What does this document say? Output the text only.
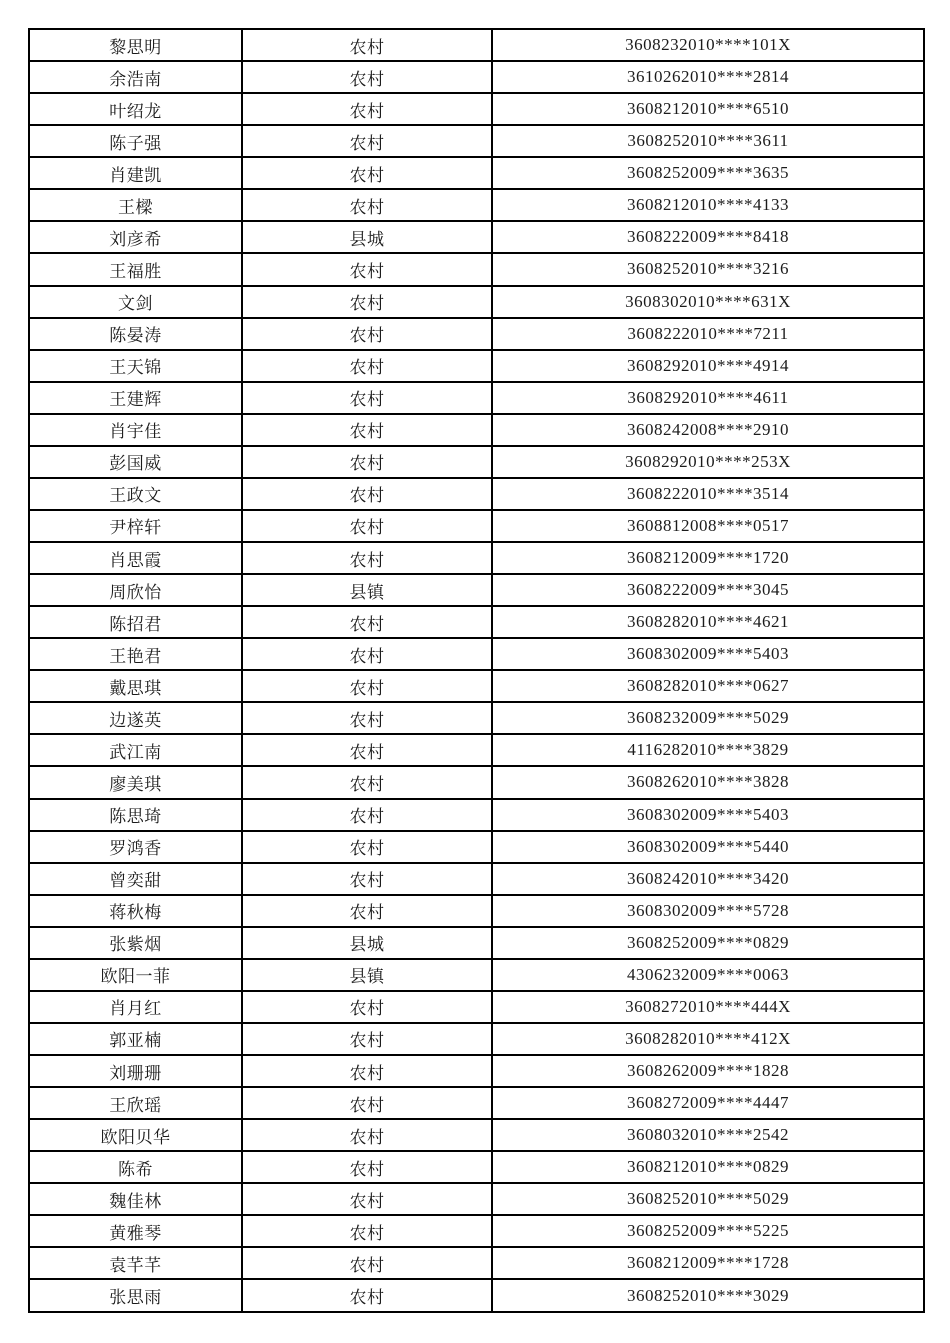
黎思明	农村	3608232010****101X
余浩南	农村	3610262010****2814
叶绍龙	农村	3608212010****6510
陈子强	农村	3608252010****3611
肖建凯	农村	3608252009****3635
王樑	农村	3608212010****4133
刘彦希	县城	3608222009****8418
王福胜	农村	3608252010****3216
文剑	农村	3608302010****631X
陈晏涛	农村	3608222010****7211
王天锦	农村	3608292010****4914
王建辉	农村	3608292010****4611
肖宇佳	农村	3608242008****2910
彭国威	农村	3608292010****253X
王政文	农村	3608222010****3514
尹梓轩	农村	3608812008****0517
肖思霞	农村	3608212009****1720
周欣怡	县镇	3608222009****3045
陈招君	农村	3608282010****4621
王艳君	农村	3608302009****5403
戴思琪	农村	3608282010****0627
边遂英	农村	3608232009****5029
武江南	农村	4116282010****3829
廖美琪	农村	3608262010****3828
陈思琦	农村	3608302009****5403
罗鸿香	农村	3608302009****5440
曾奕甜	农村	3608242010****3420
蒋秋梅	农村	3608302009****5728
张紫烟	县城	3608252009****0829
欧阳一菲	县镇	4306232009****0063
肖月红	农村	3608272010****444X
郭亚楠	农村	3608282010****412X
刘珊珊	农村	3608262009****1828
王欣瑶	农村	3608272009****4447
欧阳贝华	农村	3608032010****2542
陈希	农村	3608212010****0829
魏佳林	农村	3608252010****5029
黄雅琴	农村	3608252009****5225
袁芊芊	农村	3608212009****1728
张思雨	农村	3608252010****3029
